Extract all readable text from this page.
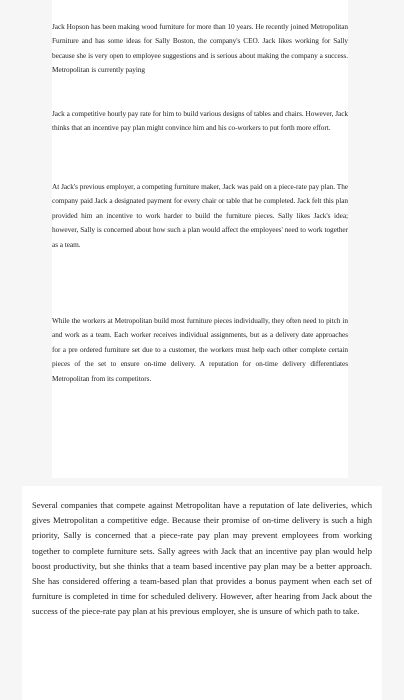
Jack Hopson has been making wood furniture for more than 10 years. He recently joined Metropolitan Furniture and has some ideas for Sally Boston, the company's CEO. Jack likes working for Sally because she is very open to employee suggestions and is serious about making the company a success. Metropolitan is currently paying

Jack a competitive hourly pay rate for him to build various designs of tables and chairs. However, Jack thinks that an incentive pay plan might convince him and his co-workers to put forth more effort.

At Jack's previous employer, a competing furniture maker, Jack was paid on a piece-rate pay plan. The company paid Jack a designated payment for every chair or table that he completed. Jack felt this plan provided him an incentive to work harder to build the furniture pieces. Sally likes Jack's idea; however, Sally is concerned about how such a plan would affect the employees' need to work together as a team.

While the workers at Metropolitan build most furniture pieces individually, they often need to pitch in and work as a team. Each worker receives individual assignments, but as a delivery date approaches for a pre ordered furniture set due to a customer, the workers must help each other complete certain pieces of the set to ensure on-time delivery. A reputation for on-time delivery differentiates Metropolitan from its competitors.

Several companies that compete against Metropolitan have a reputation of late deliveries, which gives Metropolitan a competitive edge. Because their promise of on-time delivery is such a high priority, Sally is concerned that a piece-rate pay plan may prevent employees from working together to complete furniture sets. Sally agrees with Jack that an incentive pay plan would help boost productivity, but she thinks that a team based incentive pay plan may be a better approach. She has considered offering a team-based plan that provides a bonus payment when each set of furniture is completed in time for scheduled delivery. However, after hearing from Jack about the success of the piece-rate pay plan at his previous employer, she is unsure of which path to take.
